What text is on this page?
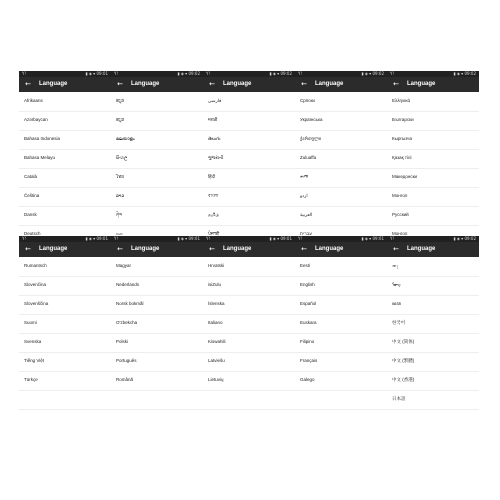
Y!	▮ ◈ ▾ 09:01
←	Language
Afrikaans
Azərbaycan
Bahasa Indonesia
Bahasa Melayu
Català
Čeština
Dansk
Deutsch
Y!	▮ ◈ ▾ 09:02
←	Language
ಕನ್ನಡ
ಕನ್ನಡ
മലയാളം
සිංහල
ไทย
ລາວ
ཤེལ
ဗမာ
Y!	▮ ◈ ▾ 09:02
←	Language
فارسی
मराठी
తెలుగు
ગુજરાતી
हिंदी
বাংলা
தமிழ்
ਪੰਜਾਬੀ
Y!	▮ ◈ ▾ 09:02
←	Language
Српски
Українська
ქართული
Zuluaffa
ሐማ
اردو
العربية
עברית
Y!	▮ ◈ ▾ 09:02
←	Language
Ελληνικά
Български
Кыргызча
Қазақ тілі
Македонски
Монгол
Русский
Монгол
Y!	▮ ◈ ▾ 09:01
←	Language
Rumantsch
Slovenčina
Slovenščina
Suomi
Svenska
Tiếng Việt
Türkçe
Y!	▮ ◈ ▾ 09:01
←	Language
Magyar
Nederlands
Norsk bokmål
O'zbekcha
Polski
Português
Română
Y!	▮ ◈ ▾ 09:01
←	Language
Hrvatski
isiZulu
Íslenska
Italiano
Kiswahili
Latviešu
Lietuvių
Y!	▮ ◈ ▾ 09:01
←	Language
Eesti
English
Español
Euskara
Filipino
Français
Galego
Y!	▮ ◈ ▾ 09:02
←	Language
ၼႃ
ᠮᠣᠩ
ꦗꦮ
한국어
中文 (简体)
中文 (繁體)
中文 (香港)
日本語
